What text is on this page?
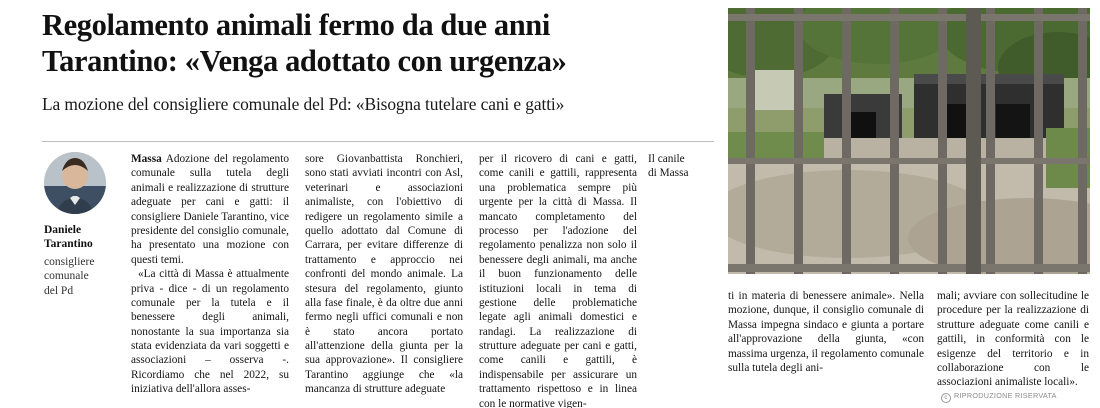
Regolamento animali fermo da due anni
Tarantino: «Venga adottato con urgenza»
La mozione del consigliere comunale del Pd: «Bisogna tutelare cani e gatti»
Daniele
Tarantino
consigliere
comunale
del Pd

Massa Adozione del regolamento comunale sulla tutela degli animali e realizzazione di strutture adeguate per cani e gatti: il consigliere Daniele Tarantino, vice presidente del consiglio comunale, ha presentato una mozione con questi temi.

«La città di Massa è attualmente priva - dice - di un regolamento comunale per la tutela e il benessere degli animali, nonostante la sua importanza sia stata evidenziata da vari soggetti e associazioni – osserva -. Ricordiamo che nel 2022, su iniziativa dell'allora asses-

sore Giovanbattista Ronchieri, sono stati avviati incontri con Asl, veterinari e associazioni animaliste, con l'obiettivo di redigere un regolamento simile a quello adottato dal Comune di Carrara, per evitare differenze di trattamento e approccio nei confronti del mondo animale. La stesura del regolamento, giunto alla fase finale, è da oltre due anni fermo negli uffici comunali e non è stato ancora portato all'attenzione della giunta per la sua approvazione». Il consigliere Tarantino aggiunge che «la mancanza di strutture adeguate

per il ricovero di cani e gatti, come canili e gattili, rappresenta una problematica sempre più urgente per la città di Massa. Il mancato completamento del processo per l'adozione del regolamento penalizza non solo il benessere degli animali, ma anche il buon funzionamento delle istituzioni locali in tema di gestione delle problematiche legate agli animali domestici e randagi. La realizzazione di strutture adeguate per cani e gatti, come canili e gattili, è indispensabile per assicurare un trattamento rispettoso e in linea con le normative vigen-

ti in materia di benessere animale». Nella mozione, dunque, il consiglio comunale di Massa impegna sindaco e giunta a portare all'approvazione della giunta, «con massima urgenza, il regolamento comunale sulla tutela degli ani-

mali; avviare con sollecitudine le procedure per la realizzazione di strutture adeguate come canili e gattili, in conformità con le esigenze del territorio e in collaborazione con le associazioni animaliste locali».

Il canile
di Massa
c RIPRODUZIONE RISERVATA
